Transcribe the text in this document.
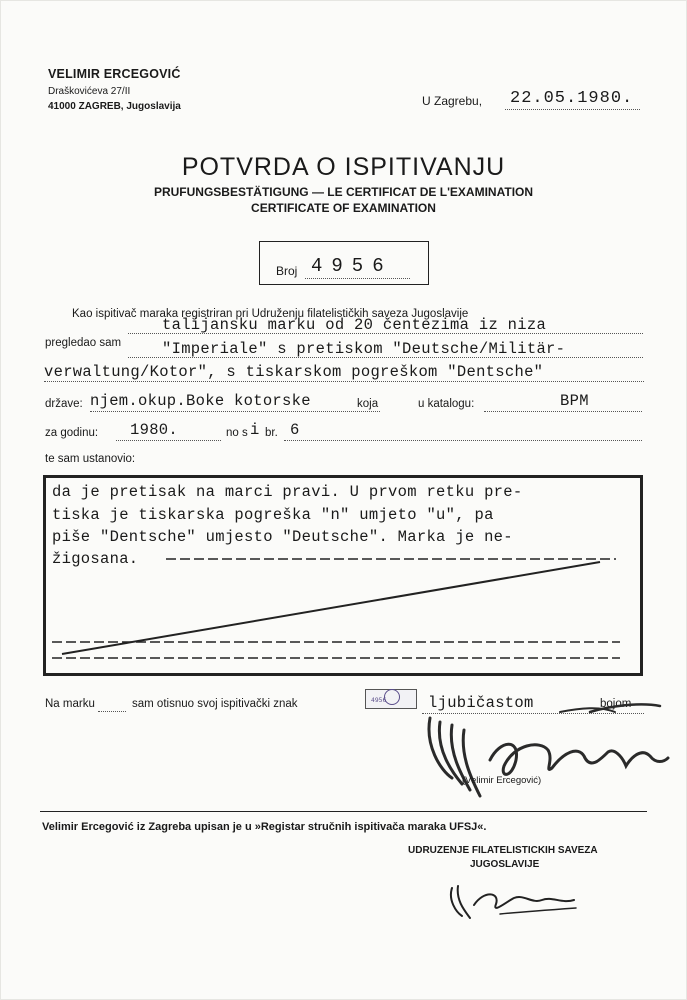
VELIMIR ERCEGOVIĆ
Draškovićeva 27/II
41000 ZAGREB, Jugoslavija	U Zagrebu, 22.05.1980.
POTVRDA O ISPITIVANJU
PRUFUNGSBESTÄTIGUNG — LE CERTIFICAT DE L'EXAMINATION
CERTIFICATE OF EXAMINATION
Broj 4956
Kao ispitivač maraka registriran pri Udruženju filatelističkih saveza Jugoslavije
pregledao sam
talijansku marku od 20 čentezima iz niza
"Imperiale" s pretiskom "Deutsche/Militär-
verwaltung/Kotor", s tiskarskom pogreškom "Dentsche"
države: njem.okup.Boke kotorske	koja	u katalogu:	BPM
za godinu: 1980.	no s i br. 6
te sam ustanovio:
da je pretisak na marci pravi. U prvom retku pre-
tiska je tiskarska pogreška "n" umjeto "u", pa
piše "Dentsche" umjesto "Deutsche". Marka je ne-
žigosana.
Na marku	sam otisnuo svoj ispitivački znak	4956	ljubičastom	bojom
(Velimir Ercegović)
Velimir Ercegović iz Zagreba upisan je u »Registar stručnih ispitivača maraka UFSJ«.
UDRUZENJE FILATELISTICKIH SAVEZA
JUGOSLAVIJE
